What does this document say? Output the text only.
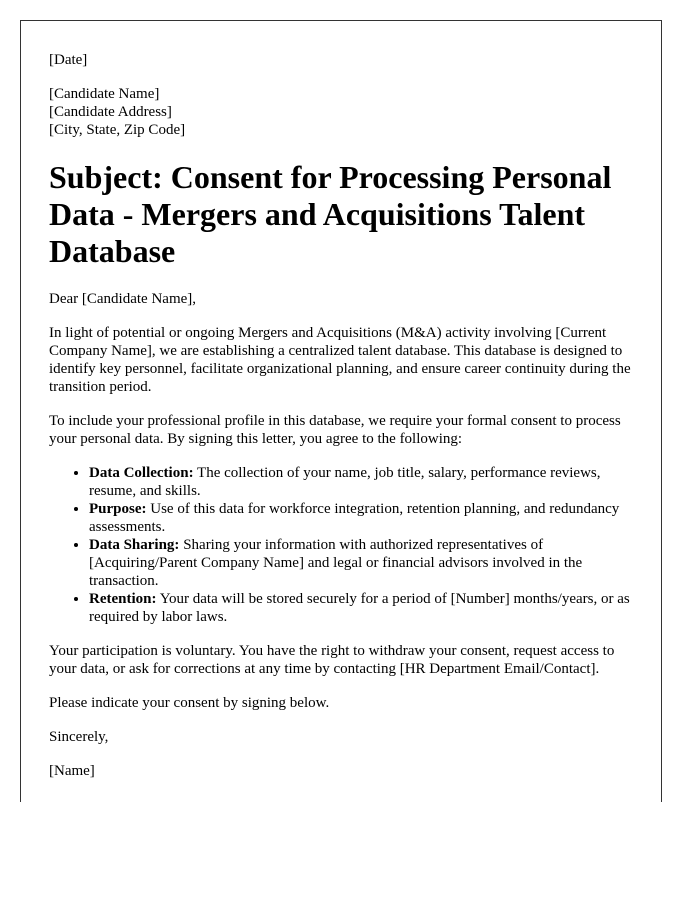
[Date]

[Candidate Name]
[Candidate Address]
[City, State, Zip Code]

Subject: Consent for Processing Personal Data - Mergers and Acquisitions Talent Database

Dear [Candidate Name],

In light of potential or ongoing Mergers and Acquisitions (M&A) activity involving [Current Company Name], we are establishing a centralized talent database. This database is designed to identify key personnel, facilitate organizational planning, and ensure career continuity during the transition period.

To include your professional profile in this database, we require your formal consent to process your personal data. By signing this letter, you agree to the following:

• Data Collection: The collection of your name, job title, salary, performance reviews, resume, and skills.
• Purpose: Use of this data for workforce integration, retention planning, and redundancy assessments.
• Data Sharing: Sharing your information with authorized representatives of [Acquiring/Parent Company Name] and legal or financial advisors involved in the transaction.
• Retention: Your data will be stored securely for a period of [Number] months/years, or as required by labor laws.

Your participation is voluntary. You have the right to withdraw your consent, request access to your data, or ask for corrections at any time by contacting [HR Department Email/Contact].

Please indicate your consent by signing below.

Sincerely,

[Name]
